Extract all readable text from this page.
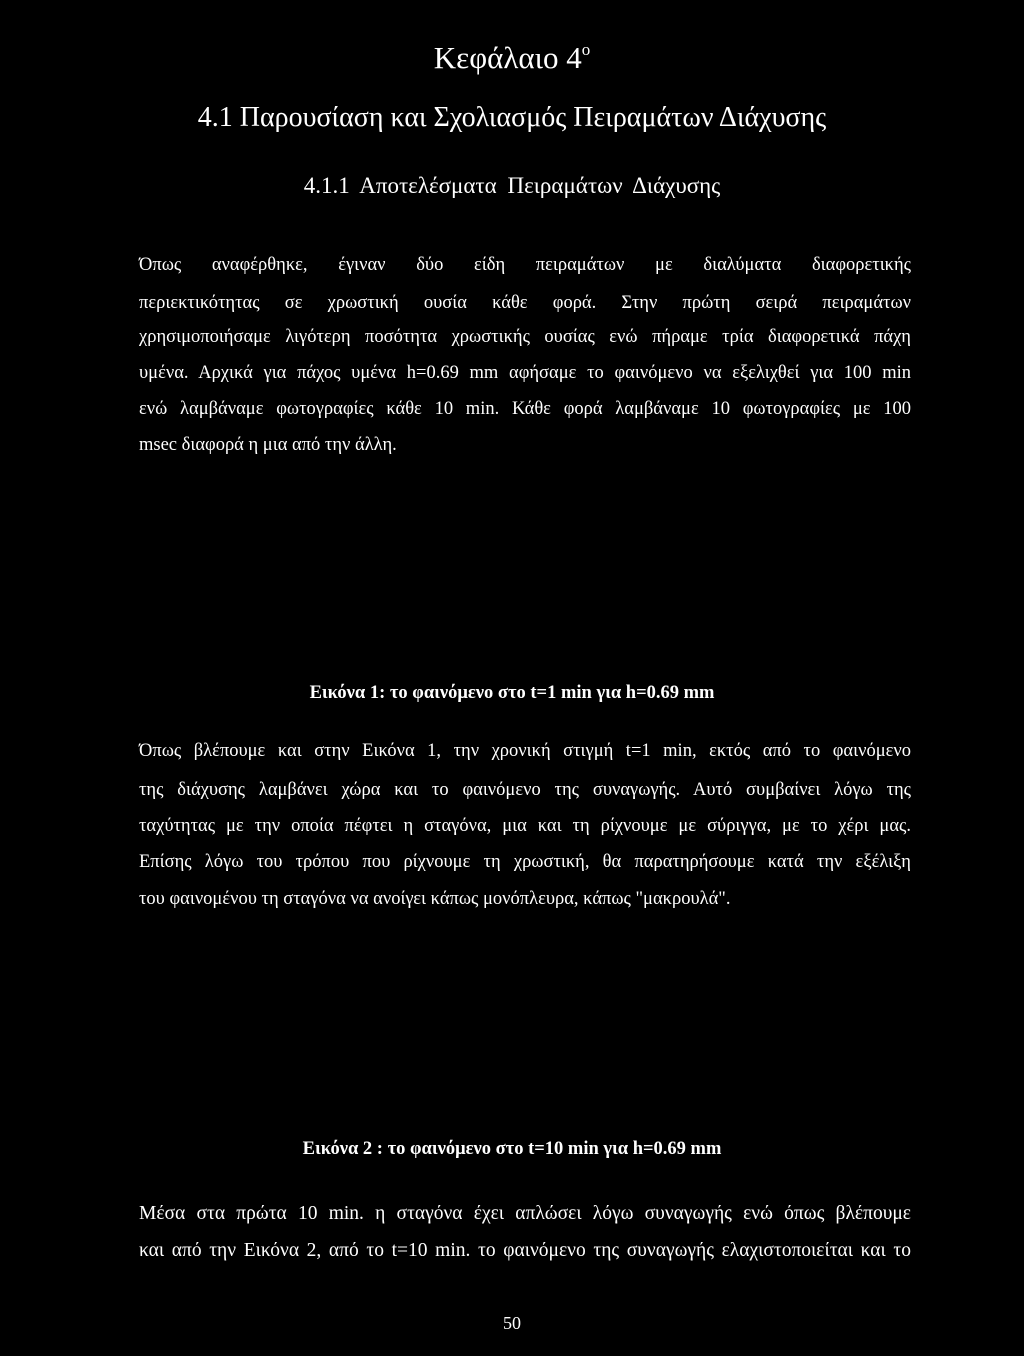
Κεφάλαιο $4^o$
4.1 Παρουσίαση και Σχολιασμός Πειραμάτων Διάχυσης
4.1.1 Αποτελέσματα Πειραμάτων Διάχυσης
Όπως αναφέρθηκε, έγιναν δύο είδη πειραμάτων με διαλύματα διαφορετικής
περιεκτικότητας σε χρωστική ουσία κάθε φορά. Στην πρώτη σειρά πειραμάτων
χρησιμοποιήσαμε λιγότερη ποσότητα χρωστικής ουσίας ενώ πήραμε τρία διαφορετικά πάχη
υμένα. Αρχικά για πάχος υμένα h=0.69 mm αφήσαμε το φαινόμενο να εξελιχθεί για 100 min
ενώ λαμβάναμε φωτογραφίες κάθε 10 min. Κάθε φορά λαμβάναμε 10 φωτογραφίες με 100
msec διαφορά η μια από την άλλη.
Εικόνα 1: το φαινόμενο στο t=1 min για h=0.69 mm
Όπως βλέπουμε και στην Εικόνα 1, την χρονική στιγμή t=1 min, εκτός από το φαινόμενο
της διάχυσης λαμβάνει χώρα και το φαινόμενο της συναγωγής. Αυτό συμβαίνει λόγω της
ταχύτητας με την οποία πέφτει η σταγόνα, μια και τη ρίχνουμε με σύριγγα, με το χέρι μας.
Επίσης λόγω του τρόπου που ρίχνουμε τη χρωστική, θα παρατηρήσουμε κατά την εξέλιξη
του φαινομένου τη σταγόνα να ανοίγει κάπως μονόπλευρα, κάπως "μακρουλά".
Εικόνα 2 : το φαινόμενο στο t=10 min για h=0.69 mm
Μέσα στα πρώτα 10 min. η σταγόνα έχει απλώσει λόγω συναγωγής ενώ όπως βλέπουμε
και από την Εικόνα 2, από το t=10 min. το φαινόμενο της συναγωγής ελαχιστοποιείται και το
50
